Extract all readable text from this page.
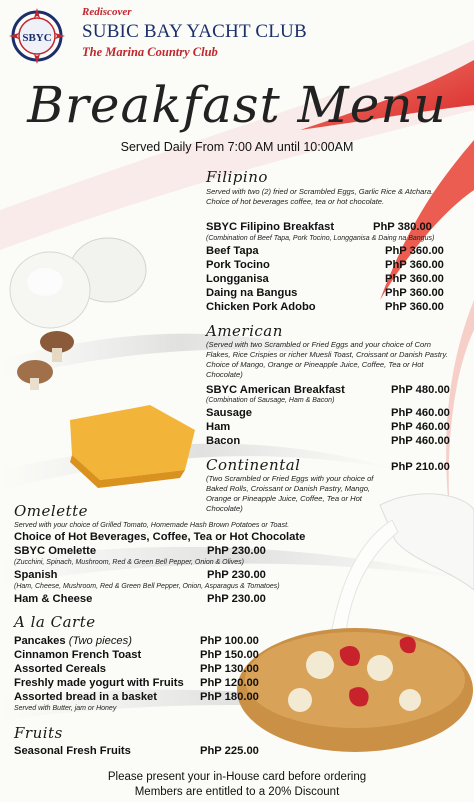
SBYC
Rediscover
SUBIC BAY YACHT CLUB
The Marina Country Club
Breakfast Menu
Served Daily From 7:00 AM until 10:00AM
Filipino
Served with two (2) fried or Scrambled Eggs, Garlic Rice & Atchara. Choice of hot beverages coffee, tea or hot chocolate.
SBYC Filipino Breakfast	PhP 380.00
(Combination of Beef Tapa, Pork Tocino, Longganisa & Daing na Bangus)
Beef Tapa	PhP 360.00
Pork Tocino	PhP 360.00
Longganisa	PhP 360.00
Daing na Bangus	PhP 360.00
Chicken Pork Adobo	PhP 360.00
American
(Served with two Scrambled or Fried Eggs and your choice of Corn Flakes, Rice Crispies or richer Muesli Toast, Croissant or Danish Pastry. Choice of Mango, Orange or Pineapple Juice, Coffee, Tea or Hot Chocolate)
SBYC American Breakfast	PhP 480.00
(Combination of Sausage, Ham & Bacon)
Sausage	PhP 460.00
Ham	PhP 460.00
Bacon	PhP 460.00
Continental	PhP 210.00
(Two Scrambled or Fried Eggs with your choice of Baked Rolls, Croissant or Danish Pastry, Mango, Orange or Pineapple Juice, Coffee, Tea or Hot Chocolate)
Omelette
Served with your choice of Grilled Tomato, Homemade Hash Brown Potatoes or Toast.
Choice of Hot Beverages, Coffee, Tea or Hot Chocolate
SBYC Omelette	PhP 230.00
(Zucchini, Spinach, Mushroom, Red & Green Bell Pepper, Onion & Olives)
Spanish	PhP 230.00
(Ham, Cheese, Mushroom, Red & Green Bell Pepper, Onion, Asparagus & Tomatoes)
Ham & Cheese	PhP 230.00
A la Carte
Pancakes (Two pieces)	PhP 100.00
Cinnamon French Toast	PhP 150.00
Assorted Cereals	PhP 130.00
Freshly made yogurt with Fruits PhP 120.00
Assorted bread in a basket	PhP 180.00
Served with Butter, jam or Honey
Fruits
Seasonal Fresh Fruits	PhP 225.00
Please present your in-House card before ordering
Members are entitled to a 20% Discount
